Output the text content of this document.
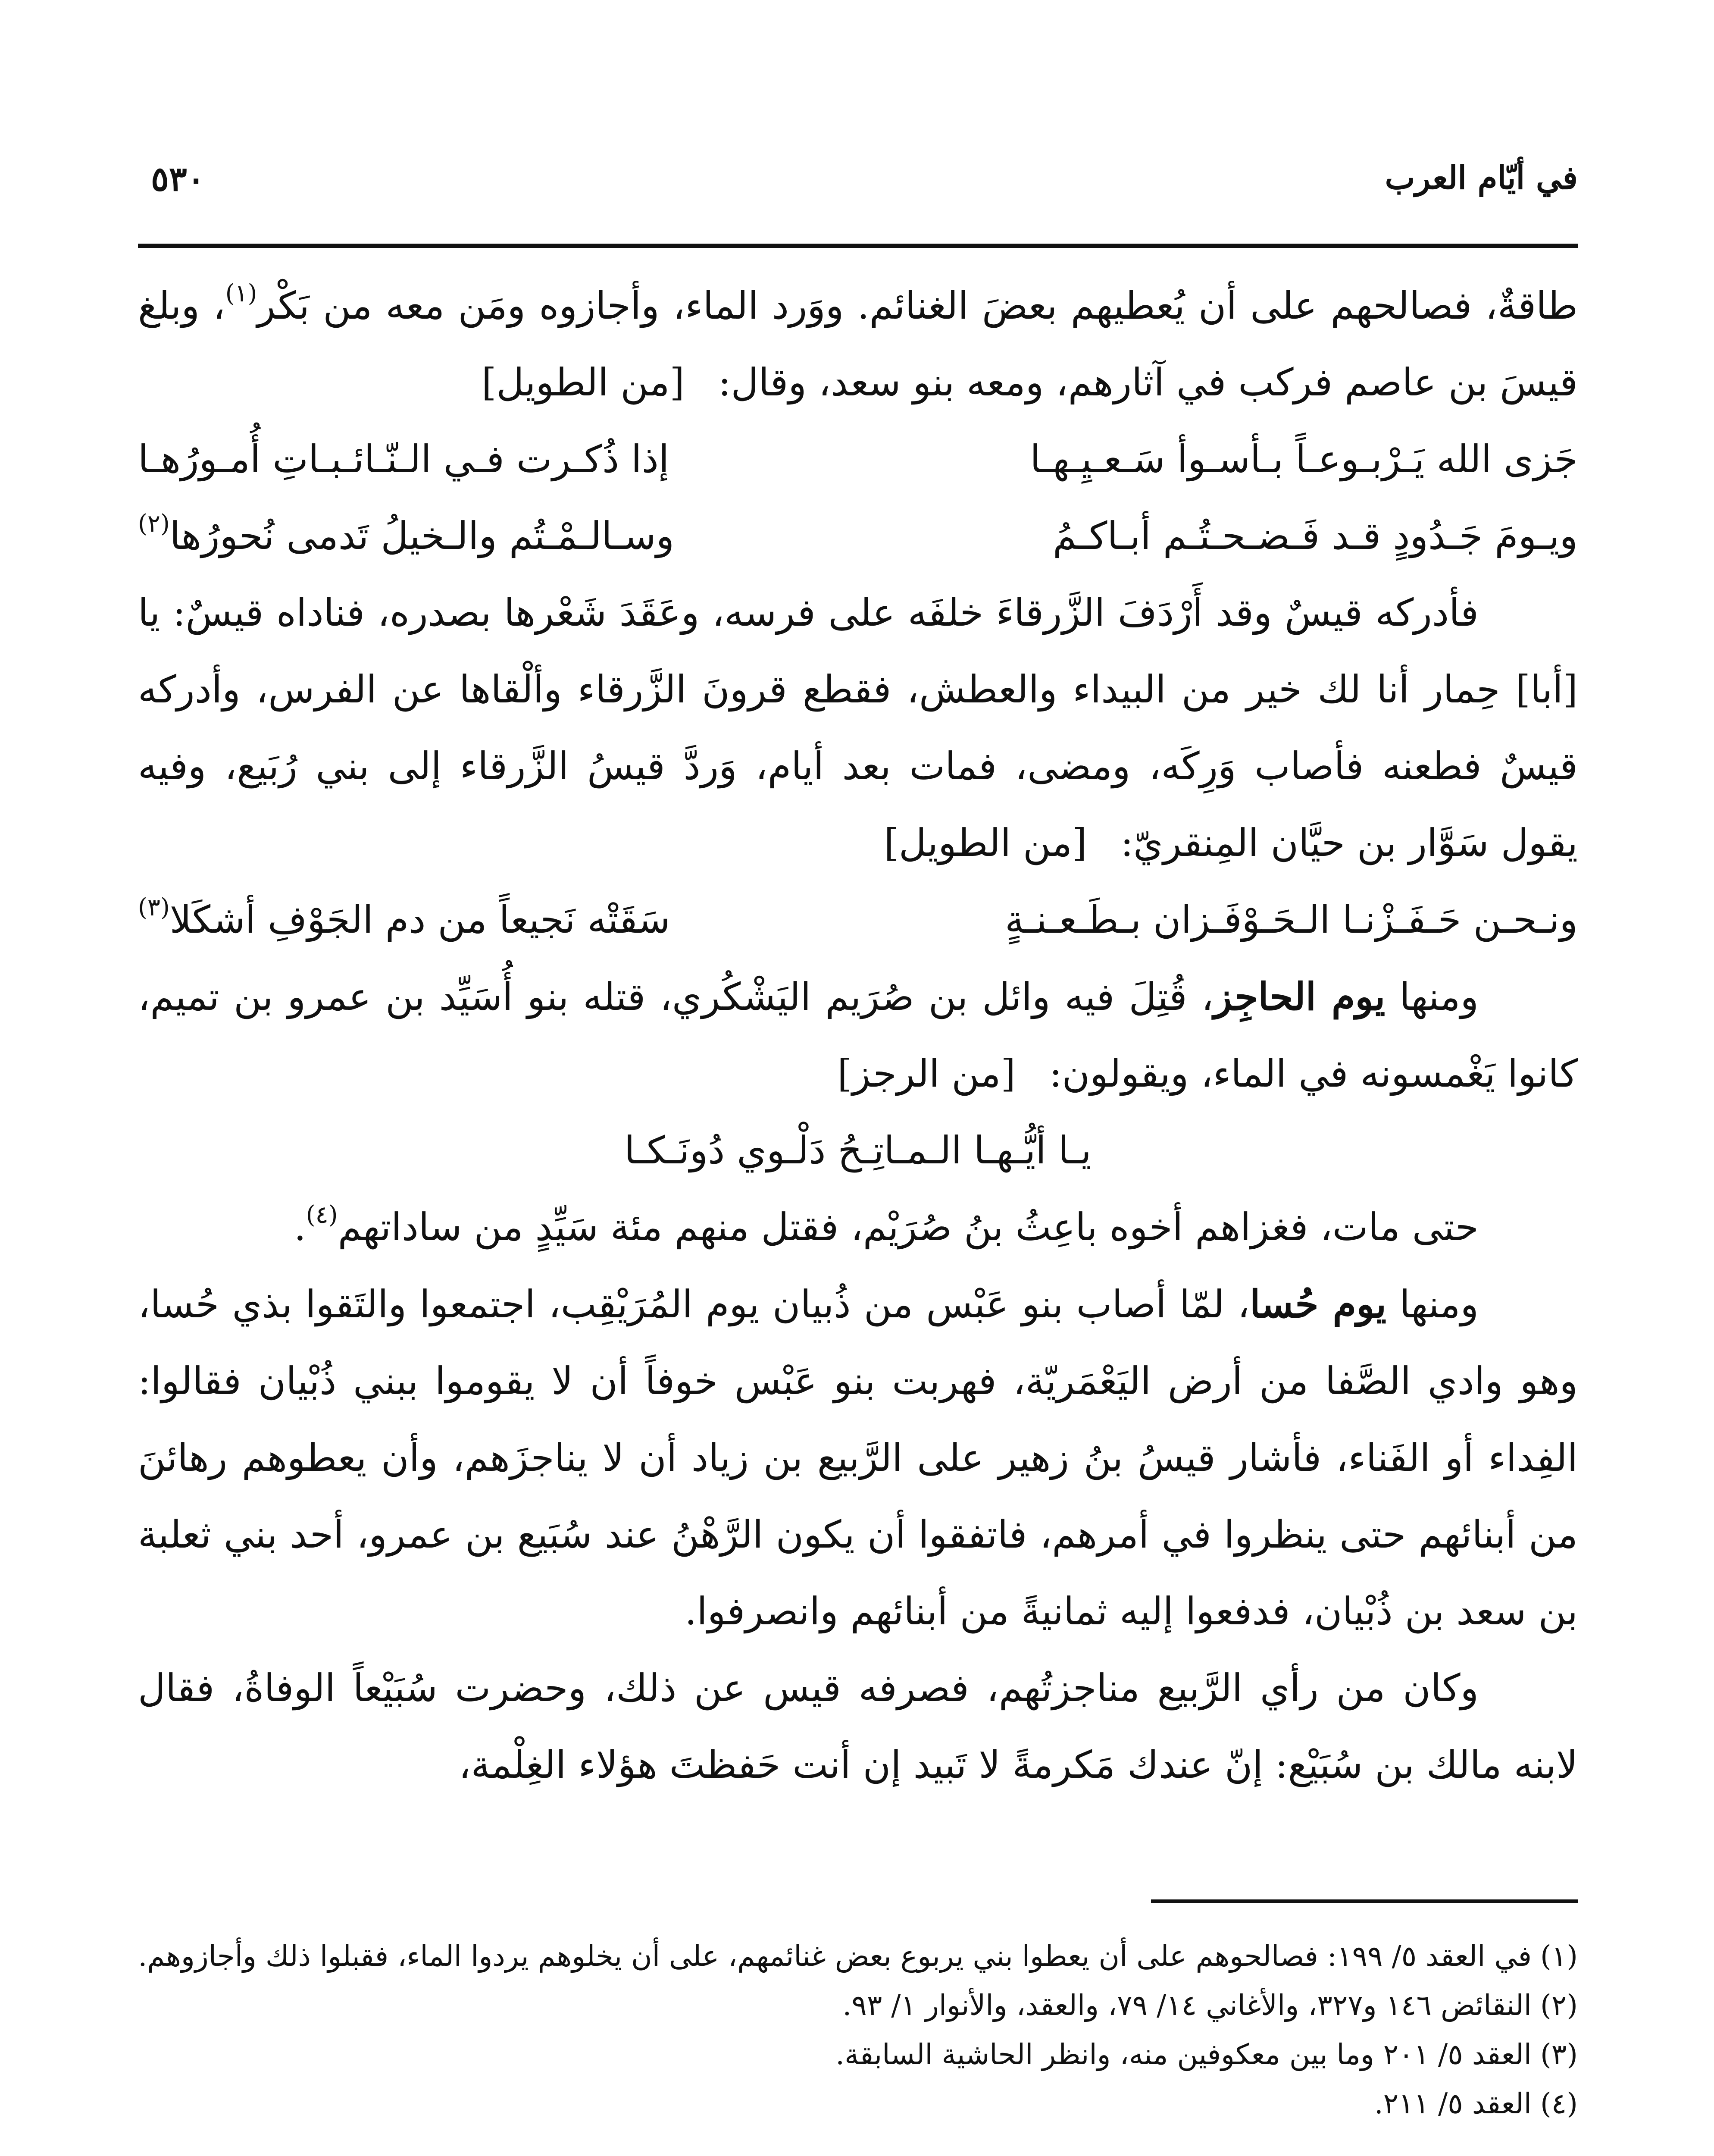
في أيّام العرب
٥٣٠

طاقةٌ، فصالحهم على أن يُعطيهم بعضَ الغنائم. ووَرد الماء، وأجازوه ومَن معه من بَكْر$^{(١)}$، وبلغ قيسَ بن عاصم فركب في آثارهم، ومعه بنو سعد، وقال: [من الطويل]

جَزى الله يَـرْبـوعـاً بـأسـوأ سَـعـيِـهـا
إذا ذُكـرت فـي الـنّـائـبـاتِ أُمـورُهـا
ويـومَ جَـدُودٍ قـد فَـضـحـتُـم أبـاكـمُ
وسـالـمْـتُم والـخيلُ تَدمى نُحورُها$^{(٢)}$

فأدركه قيسٌ وقد أَرْدَفَ الزَّرقاءَ خلفَه على فرسه، وعَقَدَ شَعْرها بصدره، فناداه قيسٌ: يا [أبا] حِمار أنا لك خير من البيداء والعطش، فقطع قرونَ الزَّرقاء وألْقاها عن الفرس، وأدركه قيسٌ فطعنه فأصاب وَرِكَه، ومضى، فمات بعد أيام، وَردَّ قيسُ الزَّرقاء إلى بني رُبَيع، وفيه يقول سَوَّار بن حيَّان المِنقريّ: [من الطويل]

ونـحـن حَـفَـزْنـا الـحَـوْفَـزان بـطَـعـنـةٍ
سَقَتْه نَجيعاً من دم الجَوْفِ أشكَلا$^{(٣)}$

ومنها يوم الحاجِز، قُتِلَ فيه وائل بن صُرَيم اليَشْكُري، قتله بنو أُسَيِّد بن عمرو بن تميم، كانوا يَغْمسونه في الماء، ويقولون: [من الرجز]

يـا أيُّـهـا الـمـاتِـحُ دَلْـوي دُونَـكـا

حتى مات، فغزاهم أخوه باعِثُ بنُ صُرَيْم، فقتل منهم مئة سَيِّدٍ من ساداتهم$^{(٤)}$.

ومنها يوم حُسا، لمّا أصاب بنو عَبْس من ذُبيان يوم المُرَيْقِب، اجتمعوا والتَقوا بذي حُسا، وهو وادي الصَّفا من أرض اليَعْمَريّة، فهربت بنو عَبْس خوفاً أن لا يقوموا ببني ذُبْيان فقالوا: الفِداء أو الفَناء، فأشار قيسُ بنُ زهير على الرَّبيع بن زياد أن لا يناجزَهم، وأن يعطوهم رهائنَ من أبنائهم حتى ينظروا في أمرهم، فاتفقوا أن يكون الرَّهْنُ عند سُبَيع بن عمرو، أحد بني ثعلبة بن سعد بن ذُبْيان، فدفعوا إليه ثمانيةً من أبنائهم وانصرفوا.

وكان من رأي الرَّبيع مناجزتُهم، فصرفه قيس عن ذلك، وحضرت سُبَيْعاً الوفاةُ، فقال لابنه مالك بن سُبَيْع: إنّ عندك مَكرمةً لا تَبيد إن أنت حَفظتَ هؤلاء الغِلْمة،

(١)في العقد ٥/ ١٩٩: فصالحوهم على أن يعطوا بني يربوع بعض غنائمهم، على أن يخلوهم يردوا الماء، فقبلوا ذلك وأجازوهم.

(٢)النقائض ١٤٦ و٣٢٧، والأغاني ١٤/ ٧٩، والعقد، والأنوار ١/ ٩٣.

(٣)العقد ٥/ ٢٠١ وما بين معكوفين منه، وانظر الحاشية السابقة.

(٤)العقد ٥/ ٢١١.
